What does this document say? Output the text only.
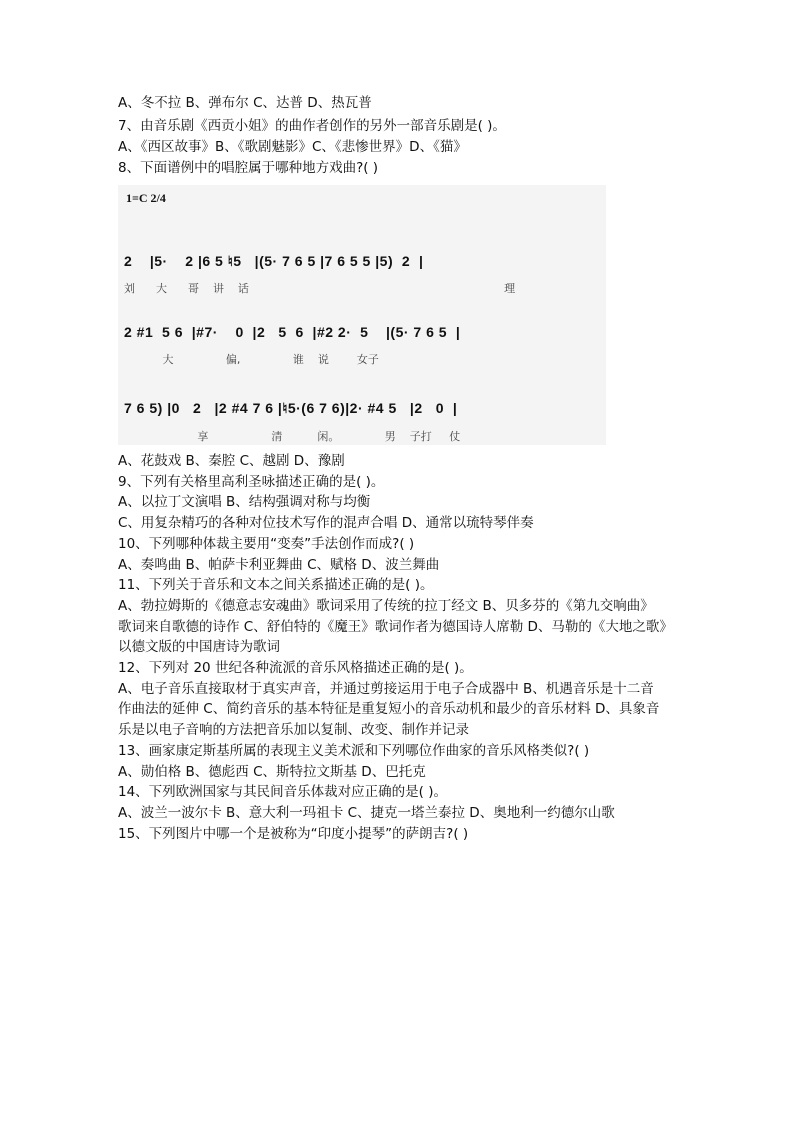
A、冬不拉 B、弹布尔 C、达普 D、热瓦普
7、由音乐剧《西贡小姐》的曲作者创作的另外一部音乐剧是( )。
A、《西区故事》B、《歌剧魅影》C、《悲惨世界》D、《猫》
8、下面谱例中的唱腔属于哪种地方戏曲?( )
1=C 2/4
2    |5·    2 |6 5 ♮5   |(5· 7 6 5 |7 6 5 5 |5)  2  |
刘      大      哥    讲    话                                                                         理
2 #1  5 6  |#7·    0  |2   5  6  |#2 2·  5    |(5· 7 6 5  |
大               偏,               谁    说        女子
7 6 5) |0   2   |2 #4 7 6 |♮5·(6 7 6)|2· #4 5   |2   0  |
享                  清          闲。             男    子打     仗
A、花鼓戏 B、秦腔 C、越剧 D、豫剧
9、下列有关格里高利圣咏描述正确的是( )。
A、以拉丁文演唱 B、结构强调对称与均衡
C、用复杂精巧的各种对位技术写作的混声合唱 D、通常以琉特琴伴奏
10、下列哪种体裁主要用“变奏”手法创作而成?( )
A、奏鸣曲 B、帕萨卡利亚舞曲 C、赋格 D、波兰舞曲
11、下列关于音乐和文本之间关系描述正确的是( )。
A、勃拉姆斯的《德意志安魂曲》歌词采用了传统的拉丁经文 B、贝多芬的《第九交响曲》
歌词来自歌德的诗作 C、舒伯特的《魔王》歌词作者为德国诗人席勒 D、马勒的《大地之歌》
以德文版的中国唐诗为歌词
12、下列对 20 世纪各种流派的音乐风格描述正确的是( )。
A、电子音乐直接取材于真实声音，并通过剪接运用于电子合成器中 B、机遇音乐是十二音
作曲法的延伸 C、简约音乐的基本特征是重复短小的音乐动机和最少的音乐材料 D、具象音
乐是以电子音响的方法把音乐加以复制、改变、制作并记录
13、画家康定斯基所属的表现主义美术派和下列哪位作曲家的音乐风格类似?( )
A、勋伯格 B、德彪西 C、斯特拉文斯基 D、巴托克
14、下列欧洲国家与其民间音乐体裁对应正确的是( )。
A、波兰一波尔卡 B、意大利一玛祖卡 C、捷克一塔兰泰拉 D、奥地利一约德尔山歌
15、下列图片中哪一个是被称为“印度小提琴”的萨朗吉?( )
